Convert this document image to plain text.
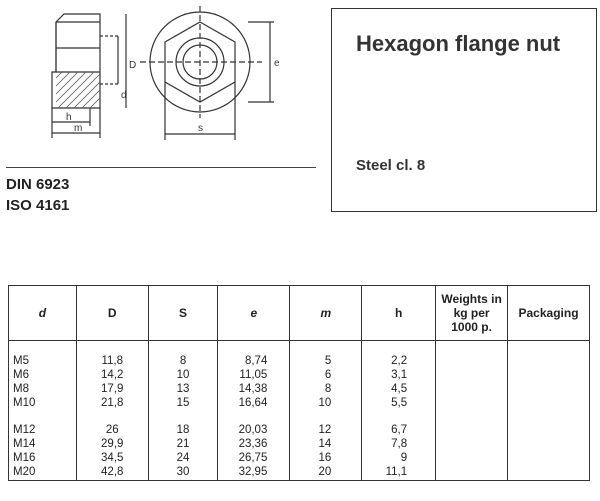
D
d
h
m	s
e
DIN 6923
ISO 4161
Hexagon flange nut
Steel cl. 8
d	D	S	e	m	h	Weights in
kg per
1000 p.	Packaging

M5	11,8	8	8,74	5	2,2		
M6	14,2	10	11,05	6	3,1		
M8	17,9	13	14,38	8	4,5		
M10	21,8	15	16,64	10	5,5		

M12	26	18	20,03	12	6,7		
M14	29,9	21	23,36	14	7,8		
M16	34,5	24	26,75	16	9		
M20	42,8	30	32,95	20	11,1		
